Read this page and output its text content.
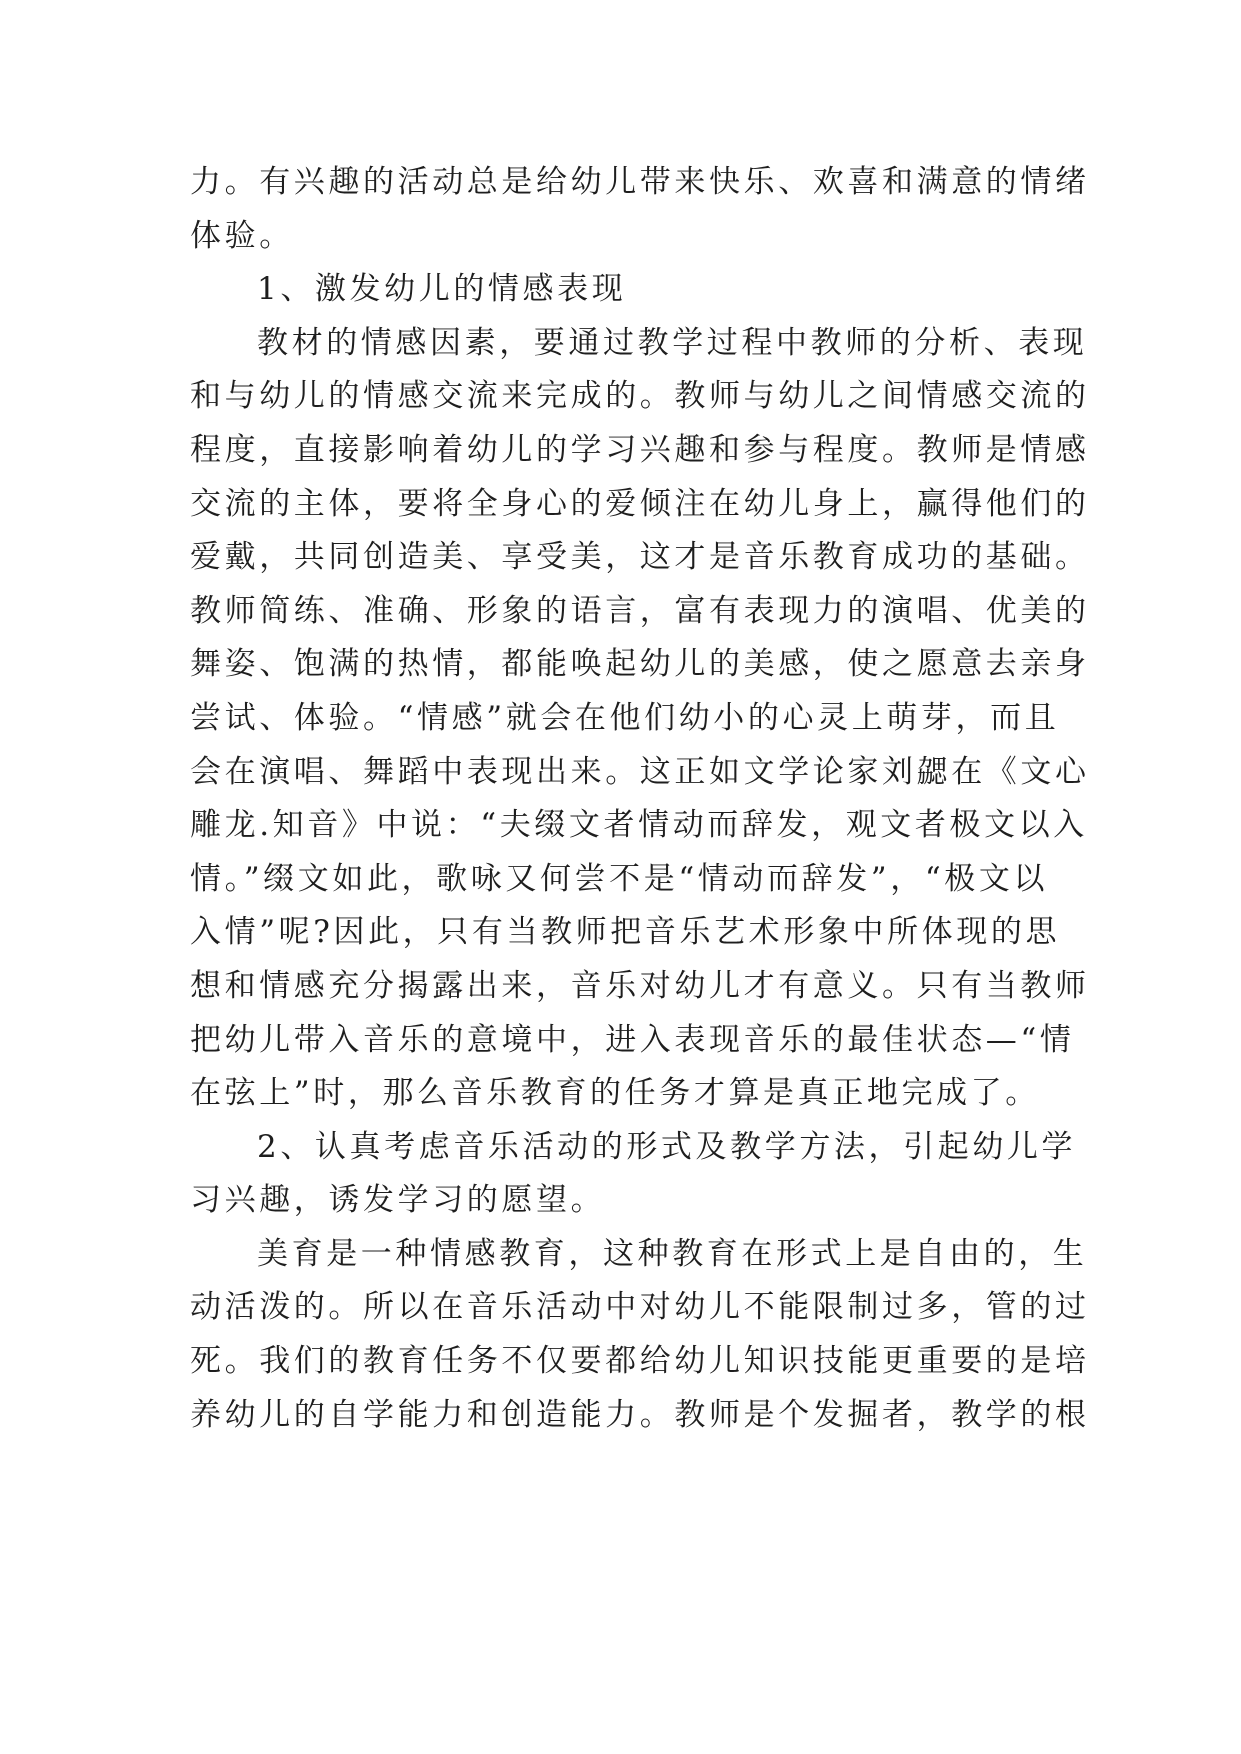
力。有兴趣的活动总是给幼儿带来快乐、欢喜和满意的情绪
体验。
1、激发幼儿的情感表现
教材的情感因素，要通过教学过程中教师的分析、表现
和与幼儿的情感交流来完成的。教师与幼儿之间情感交流的
程度，直接影响着幼儿的学习兴趣和参与程度。教师是情感
交流的主体，要将全身心的爱倾注在幼儿身上，赢得他们的
爱戴，共同创造美、享受美，这才是音乐教育成功的基础。
教师简练、准确、形象的语言，富有表现力的演唱、优美的
舞姿、饱满的热情，都能唤起幼儿的美感，使之愿意去亲身
尝试、体验。“情感”就会在他们幼小的心灵上萌芽，而且
会在演唱、舞蹈中表现出来。这正如文学论家刘勰在《文心
雕龙.知音》中说：“夫缀文者情动而辞发，观文者极文以入
情。”缀文如此，歌咏又何尝不是“情动而辞发”，“极文以
入情”呢?因此，只有当教师把音乐艺术形象中所体现的思
想和情感充分揭露出来，音乐对幼儿才有意义。只有当教师
把幼儿带入音乐的意境中，进入表现音乐的最佳状态—“情
在弦上”时，那么音乐教育的任务才算是真正地完成了。
2、认真考虑音乐活动的形式及教学方法，引起幼儿学
习兴趣，诱发学习的愿望。
美育是一种情感教育，这种教育在形式上是自由的，生
动活泼的。所以在音乐活动中对幼儿不能限制过多，管的过
死。我们的教育任务不仅要都给幼儿知识技能更重要的是培
养幼儿的自学能力和创造能力。教师是个发掘者，教学的根
